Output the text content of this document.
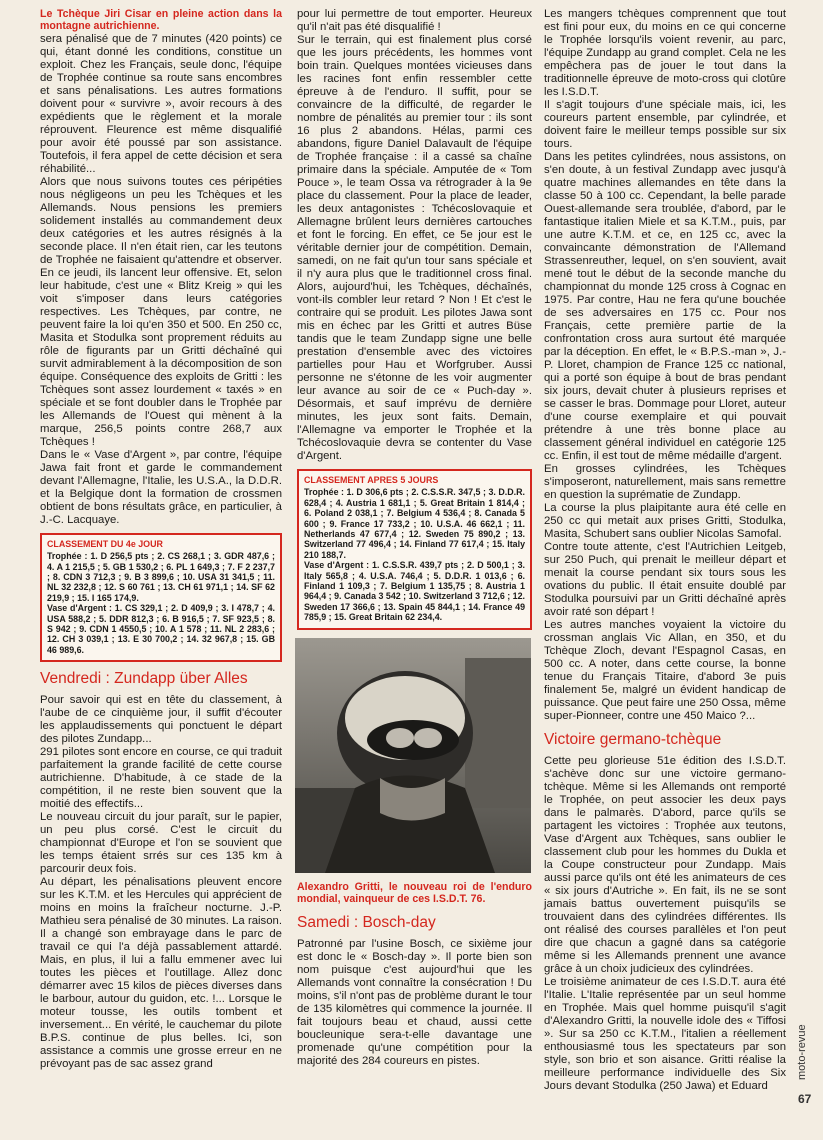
Le Tchèque Jiri Cisar en pleine action dans la montagne autrichienne.

sera pénalisé que de 7 minutes (420 points) ce qui, étant donné les conditions, constitue un exploit. Chez les Français, seule donc, l'équipe de Trophée continue sa route sans encombres et sans pénalisations. Les autres formations doivent pour « survivre », avoir recours à des expédients que le règlement et la morale réprouvent. Fleurence est même disqualifié pour avoir été poussé par son assistance. Toutefois, il fera appel de cette décision et sera réhabilité...

Alors que nous suivons toutes ces péripéties nous négligeons un peu les Tchèques et les Allemands. Nous pensions les premiers solidement installés au commandement deux deux catégories et les autres résignés à la seconde place. Il n'en était rien, car les teutons de Trophée ne faisaient qu'attendre et observer. En ce jeudi, ils lancent leur offensive. Et, selon leur habitude, c'est une « Blitz Kreig » qui les voit s'imposer dans leurs catégories respectives. Les Tchèques, par contre, ne peuvent faire la loi qu'en 350 et 500. En 250 cc, Masita et Stodulka sont proprement réduits au rôle de figurants par un Gritti déchaîné qui survit admirablement à la décomposition de son équipe. Conséquence des exploits de Gritti : les Tchèques sont assez lourdement « taxés » en spéciale et se font doubler dans le Trophée par les Allemands de l'Ouest qui mènent à la marque, 256,5 points contre 268,7 aux Tchèques !

Dans le « Vase d'Argent », par contre, l'équipe Jawa fait front et garde le commandement devant l'Allemagne, l'Italie, les U.S.A., la D.D.R. et la Belgique dont la formation de crossmen obtient de bons résultats grâce, en particulier, à J.-C. Lacquaye.

CLASSEMENT DU 4e JOUR
Trophée : 1. D 256,5 pts ; 2. CS 268,1 ; 3. GDR 487,6 ; 4. A 1 215,5 ; 5. GB 1 530,2 ; 6. PL 1 649,3 ; 7. F 2 237,7 ; 8. CDN 3 712,3 ; 9. B 3 899,6 ; 10. USA 31 341,5 ; 11. NL 32 232,8 ; 12. S 60 761 ; 13. CH 61 971,1 ; 14. SF 62 219,9 ; 15. I 165 174,9.
Vase d'Argent : 1. CS 329,1 ; 2. D 409,9 ; 3. I 478,7 ; 4. USA 588,2 ; 5. DDR 812,3 ; 6. B 916,5 ; 7. SF 923,5 ; 8. S 942 ; 9. CDN 1 4550,5 ; 10. A 1 578 ; 11. NL 2 283,6 ; 12. CH 3 039,1 ; 13. E 30 700,2 ; 14. 32 967,8 ; 15. GB 46 989,6.
Vendredi : Zundapp über Alles

Pour savoir qui est en tête du classement, à l'aube de ce cinquième jour, il suffit d'écouter les applaudissements qui ponctuent le départ des pilotes Zundapp...

291 pilotes sont encore en course, ce qui traduit parfaitement la grande facilité de cette course autrichienne. D'habitude, à ce stade de la compétition, il ne reste bien souvent que la moitié des effectifs...

Le nouveau circuit du jour paraît, sur le papier, un peu plus corsé. C'est le circuit du championnat d'Europe et l'on se souvient que les temps étaient srrés sur ces 135 km à parcourir deux fois.

Au départ, les pénalisations pleuvent encore sur les K.T.M. et les Hercules qui apprécient de moins en moins la fraîcheur nocturne. J.-P. Mathieu sera pénalisé de 30 minutes. La raison. Il a changé son embrayage dans le parc de travail ce qui l'a déjà passablement attardé. Mais, en plus, il lui a fallu emmener avec lui toutes les pièces et l'outillage. Allez donc démarrer avec 15 kilos de pièces diverses dans le barbour, autour du guidon, etc. !... Lorsque le moteur tousse, les outils tombent et inversement... En vérité, le cauchemar du pilote B.P.S. continue de plus belles. Ici, son assistance a commis une grosse erreur en ne prévoyant pas de sac assez grand

pour lui permettre de tout emporter. Heureux qu'il n'ait pas été disqualifié !

Sur le terrain, qui est finalement plus corsé que les jours précédents, les hommes vont boin train. Quelques montées vicieuses dans les racines font enfin ressembler cette épreuve à de l'enduro. Il suffit, pour se convaincre de la difficulté, de regarder le nombre de pénalités au premier tour : ils sont 16 plus 2 abandons. Hélas, parmi ces abandons, figure Daniel Dalavault de l'équipe de Trophée française : il a cassé sa chaîne primaire dans la spéciale. Amputée de « Tom Pouce », le team Ossa va rétrograder à la 9e place du classement. Pour la place de leader, les deux antagonistes : Tchécoslovaquie et Allemagne brûlent leurs dernières cartouches et font le forcing. En effet, ce 5e jour est le véritable dernier jour de compétition. Demain, samedi, on ne fait qu'un tour sans spéciale et il n'y aura plus que le traditionnel cross final. Alors, aujourd'hui, les Tchèques, déchaînés, vont-ils combler leur retard ? Non ! Et c'est le contraire qui se produit. Les pilotes Jawa sont mis en échec par les Gritti et autres Büse tandis que le team Zundapp signe une belle prestation d'ensemble avec des victoires partielles pour Hau et Worfgruber. Aussi personne ne s'étonne de les voir augmenter leur avance au soir de ce « Puch-day ». Désormais, et sauf imprévu de dernière minutes, les jeux sont faits. Demain, l'Allemagne va emporter le Trophée et la Tchécoslovaquie devra se contenter du Vase d'Argent.

CLASSEMENT APRES 5 JOURS
Trophée : 1. D 306,6 pts ; 2. C.S.S.R. 347,5 ; 3. D.D.R. 628,4 ; 4. Austria 1 681,1 ; 5. Great Britain 1 814,4 ; 6. Poland 2 038,1 ; 7. Belgium 4 536,4 ; 8. Canada 5 600 ; 9. France 17 733,2 ; 10. U.S.A. 46 662,1 ; 11. Netherlands 47 677,4 ; 12. Sweden 75 890,2 ; 13. Switzerland 77 496,4 ; 14. Finland 77 617,4 ; 15. Italy 210 188,7.
Vase d'Argent : 1. C.S.S.R. 439,7 pts ; 2. D 500,1 ; 3. Italy 565,8 ; 4. U.S.A. 746,4 ; 5. D.D.R. 1 013,6 ; 6. Finland 1 109,3 ; 7. Belgium 1 135,75 ; 8. Austria 1 964,4 ; 9. Canada 3 542 ; 10. Switzerland 3 712,6 ; 12. Sweden 17 366,6 ; 13. Spain 45 844,1 ; 14. France 49 785,9 ; 15. Great Britain 62 234,4.

Alexandro Gritti, le nouveau roi de l'enduro mondial, vainqueur de ces I.S.D.T. 76.

Samedi : Bosch-day

Patronné par l'usine Bosch, ce sixième jour est donc le « Bosch-day ». Il porte bien son nom puisque c'est aujourd'hui que les Allemands vont connaître la consécration ! Du moins, s'il n'ont pas de problème durant le tour de 135 kilomètres qui commence la journée. Il fait toujours beau et chaud, aussi cette boucleunique sera-t-elle davantage une promenade qu'une compétition pour la majorité des 284 coureurs en pistes.

Les mangers tchèques comprennent que tout est fini pour eux, du moins en ce qui concerne le Trophée lorsqu'ils voient revenir, au parc, l'équipe Zundapp au grand complet. Cela ne les empêchera pas de jouer le tout dans la traditionnelle épreuve de moto-cross qui clotûre les I.S.D.T.

Il s'agit toujours d'une spéciale mais, ici, les coureurs partent ensemble, par cylindrée, et doivent faire le meilleur temps possible sur six tours.

Dans les petites cylindrées, nous assistons, on s'en doute, à un festival Zundapp avec jusqu'à quatre machines allemandes en tête dans la classe 50 à 100 cc. Cependant, la belle parade Ouest-allemande sera troublée, d'abord, par le fantastique italien Miele et sa K.T.M., puis, par une autre K.T.M. et ce, en 125 cc, avec la convaincante démonstration de l'Allemand Strassenreuther, lequel, on s'en souvient, avait mené tout le début de la seconde manche du championnat du monde 125 cross à Cognac en 1975. Par contre, Hau ne fera qu'une bouchée de ses adversaires en 175 cc. Pour nos Français, cette première partie de la confrontation cross aura surtout été marquée par la déception. En effet, le « B.P.S.-man », J.-P. Lloret, champion de France 125 cc national, qui a porté son équipe à bout de bras pendant six jours, devait chuter à plusieurs reprises et se casser le bras. Dommage pour Lloret, auteur d'une course exemplaire et qui pouvait prétendre à une très bonne place au classement général individuel en catégorie 125 cc. Enfin, il est tout de même médaille d'argent.

En grosses cylindrées, les Tchèques s'imposeront, naturellement, mais sans remettre en question la suprématie de Zundapp.

La course la plus plaipitante aura été celle en 250 cc qui metait aux prises Gritti, Stodulka, Masita, Schubert sans oublier Nicolas Samofal.

Contre toute attente, c'est l'Autrichien Leitgeb, sur 250 Puch, qui prenait le meilleur départ et menait la course pendant six tours sous les ovations du public. Il était ensuite doublé par Stodulka poursuivi par un Gritti déchaîné après avoir raté son départ !

Les autres manches voyaient la victoire du crossman anglais Vic Allan, en 350, et du Tchèque Zloch, devant l'Espagnol Casas, en 500 cc. A noter, dans cette course, la bonne tenue du Français Titaire, d'abord 3e puis finalement 5e, malgré un évident handicap de puissance. Que peut faire une 250 Ossa, même super-Pionneer, contre une 450 Maico ?...

Victoire germano-tchèque

Cette peu glorieuse 51e édition des I.S.D.T. s'achève donc sur une victoire germano-tchèque. Même si les Allemands ont remporté le Trophée, on peut associer les deux pays dans le palmarès. D'abord, parce qu'ils se partagent les victoires : Trophée aux teutons, Vase d'Argent aux Tchèques, sans oublier le classement club pour les hommes du Dukla et la Coupe constructeur pour Zundapp. Mais aussi parce qu'ils ont été les animateurs de ces « six jours d'Autriche ». En fait, ils ne se sont jamais battus ouvertement puisqu'ils se trouvaient dans des cylindrées différentes. Ils ont réalisé des courses parallèles et l'on peut dire que chacun a gagné dans sa catégorie même si les Allemands prennent une avance grâce à un choix judicieux des cylindrées.

Le troisième animateur de ces I.S.D.T. aura été l'Italie. L'Italie représentée par un seul homme en Trophée. Mais quel homme puisqu'il s'agit d'Alexandro Gritti, la nouvelle idole des « Tiffosi ». Sur sa 250 cc K.T.M., l'italien a réellement enthousiasmé tous les spectateurs par son style, son brio et son aisance. Gritti réalise la meilleure performance individuelle des Six Jours devant Stodulka (250 Jawa) et Eduard

moto-revue
67
